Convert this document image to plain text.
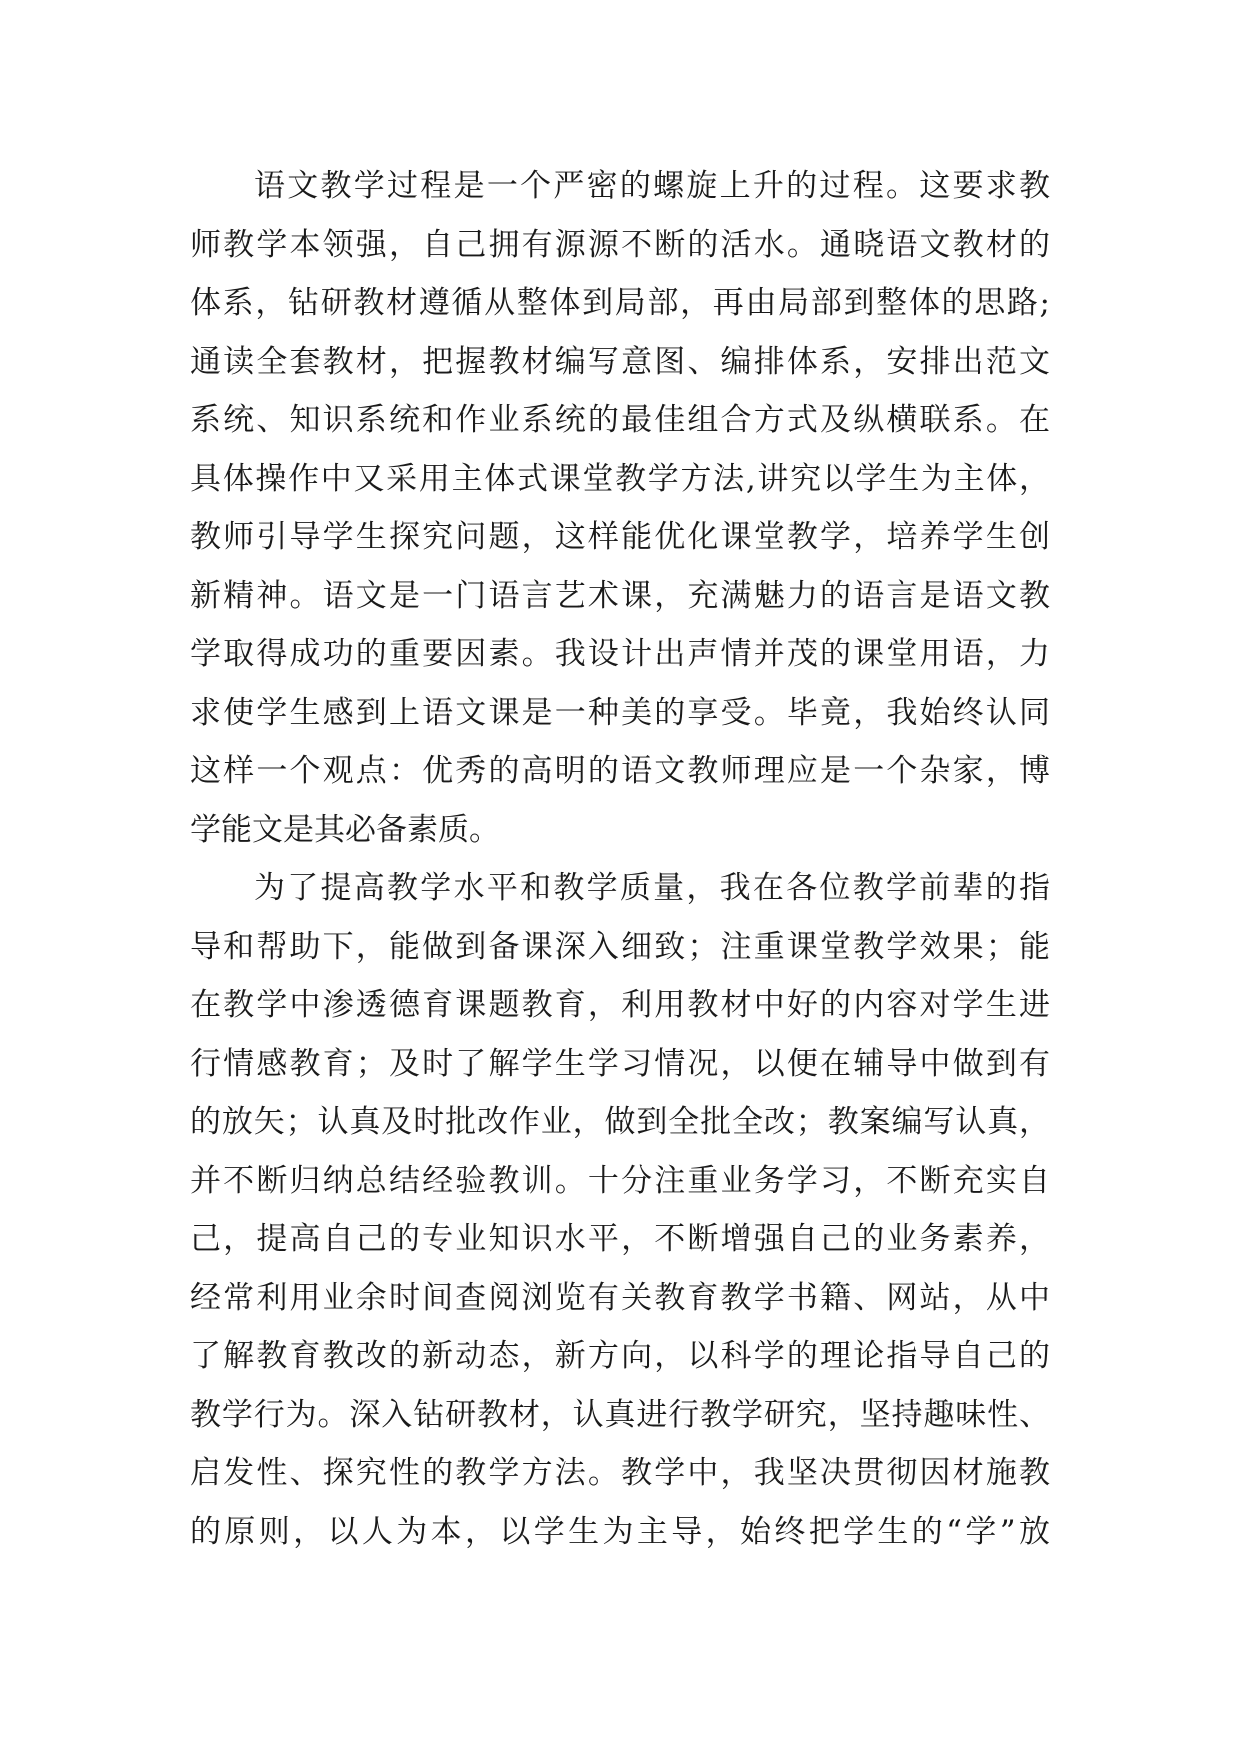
语文教学过程是一个严密的螺旋上升的过程。这要求教
师教学本领强，自己拥有源源不断的活水。通晓语文教材的
体系，钻研教材遵循从整体到局部，再由局部到整体的思路;
通读全套教材，把握教材编写意图、编排体系，安排出范文
系统、知识系统和作业系统的最佳组合方式及纵横联系。在
具体操作中又采用主体式课堂教学方法,讲究以学生为主体，
教师引导学生探究问题，这样能优化课堂教学，培养学生创
新精神。语文是一门语言艺术课，充满魅力的语言是语文教
学取得成功的重要因素。我设计出声情并茂的课堂用语，力
求使学生感到上语文课是一种美的享受。毕竟，我始终认同
这样一个观点：优秀的高明的语文教师理应是一个杂家，博
学能文是其必备素质。
为了提高教学水平和教学质量，我在各位教学前辈的指
导和帮助下，能做到备课深入细致；注重课堂教学效果；能
在教学中渗透德育课题教育，利用教材中好的内容对学生进
行情感教育；及时了解学生学习情况，以便在辅导中做到有
的放矢；认真及时批改作业，做到全批全改；教案编写认真，
并不断归纳总结经验教训。十分注重业务学习，不断充实自
己，提高自己的专业知识水平，不断增强自己的业务素养，
经常利用业余时间查阅浏览有关教育教学书籍、网站，从中
了解教育教改的新动态，新方向，以科学的理论指导自己的
教学行为。深入钻研教材，认真进行教学研究，坚持趣味性、
启发性、探究性的教学方法。教学中，我坚决贯彻因材施教
的原则，以人为本，以学生为主导，始终把学生的“学”放
